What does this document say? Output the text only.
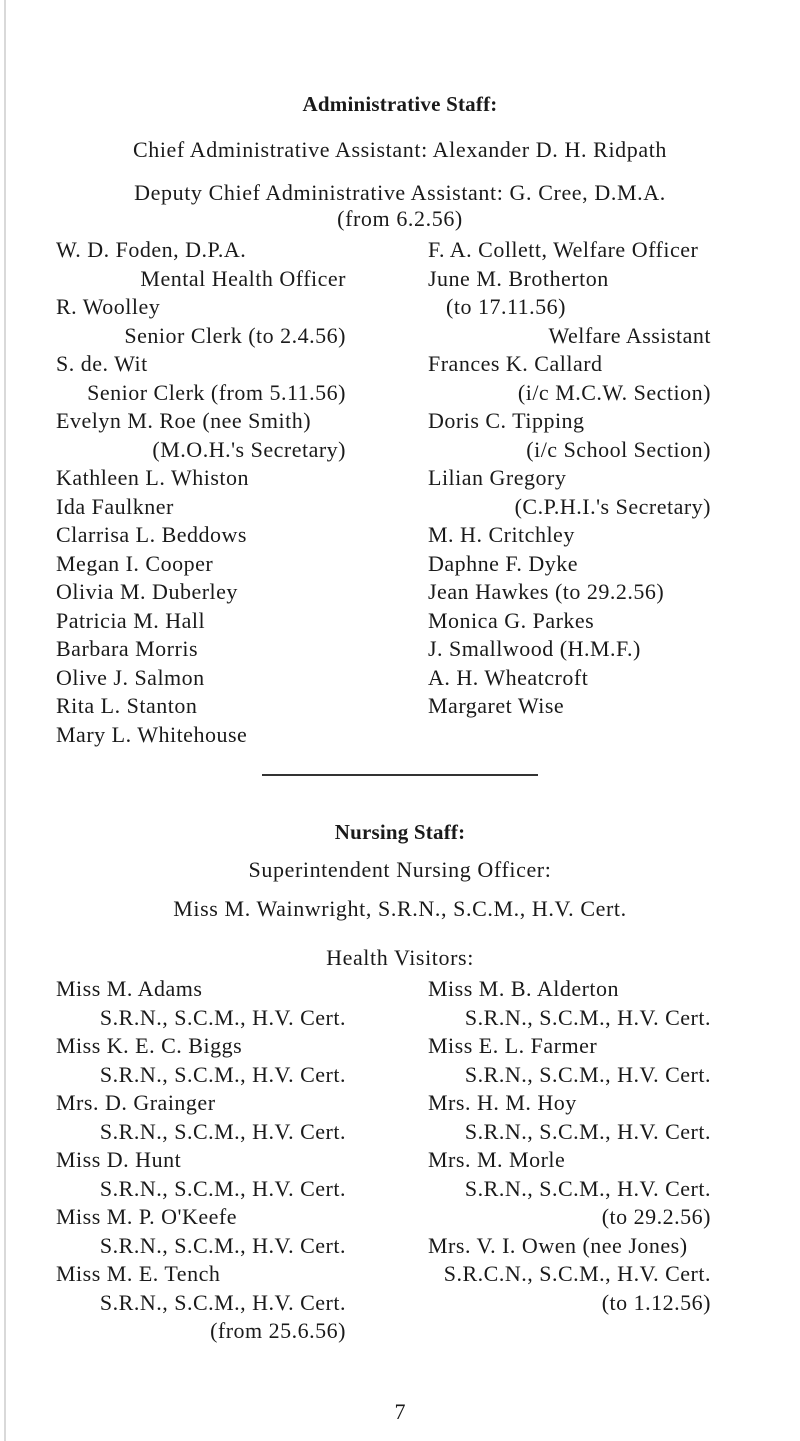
Administrative Staff:
Chief Administrative Assistant: Alexander D. H. Ridpath
Deputy Chief Administrative Assistant: G. Cree, D.M.A.
(from 6.2.56)
W. D. Foden, D.P.A.
Mental Health Officer
R. Woolley
Senior Clerk (to 2.4.56)
S. de. Wit
Senior Clerk (from 5.11.56)
Evelyn M. Roe (nee Smith)
(M.O.H.'s Secretary)
Kathleen L. Whiston
Ida Faulkner
Clarrisa L. Beddows
Megan I. Cooper
Olivia M. Duberley
Patricia M. Hall
Barbara Morris
Olive J. Salmon
Rita L. Stanton
Mary L. Whitehouse
F. A. Collett, Welfare Officer
June M. Brotherton
(to 17.11.56)
Welfare Assistant
Frances K. Callard
(i/c M.C.W. Section)
Doris C. Tipping
(i/c School Section)
Lilian Gregory
(C.P.H.I.'s Secretary)
M. H. Critchley
Daphne F. Dyke
Jean Hawkes (to 29.2.56)
Monica G. Parkes
J. Smallwood (H.M.F.)
A. H. Wheatcroft
Margaret Wise
Nursing Staff:
Superintendent Nursing Officer:
Miss M. Wainwright, S.R.N., S.C.M., H.V. Cert.
Health Visitors:
Miss M. Adams
S.R.N., S.C.M., H.V. Cert.
Miss K. E. C. Biggs
S.R.N., S.C.M., H.V. Cert.
Mrs. D. Grainger
S.R.N., S.C.M., H.V. Cert.
Miss D. Hunt
S.R.N., S.C.M., H.V. Cert.
Miss M. P. O'Keefe
S.R.N., S.C.M., H.V. Cert.
Miss M. E. Tench
S.R.N., S.C.M., H.V. Cert.
(from 25.6.56)
Miss M. B. Alderton
S.R.N., S.C.M., H.V. Cert.
Miss E. L. Farmer
S.R.N., S.C.M., H.V. Cert.
Mrs. H. M. Hoy
S.R.N., S.C.M., H.V. Cert.
Mrs. M. Morle
S.R.N., S.C.M., H.V. Cert.
(to 29.2.56)
Mrs. V. I. Owen (nee Jones)
S.R.C.N., S.C.M., H.V. Cert.
(to 1.12.56)
7
